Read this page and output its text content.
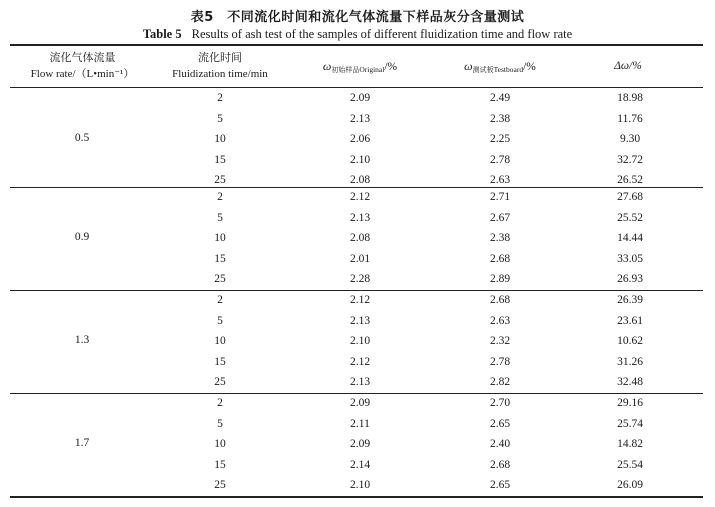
表5　不同流化时间和流化气体流量下样品灰分含量测试
Table 5 Results of ash test of the samples of different fluidization time and flow rate
流化气体流量
Flow rate/（L•min⁻¹）
流化时间
Fluidization time/min
$\omega_{初始样品Original}/\%$	$\omega_{测试板Testboard}/\%$	Δω/%
2	2.09	2.49	18.98
5	2.13	2.38	11.76
10	2.06	2.25	9.30
15	2.10	2.78	32.72
25	2.08	2.63	26.52
0.5
2	2.12	2.71	27.68
5	2.13	2.67	25.52
10	2.08	2.38	14.44
15	2.01	2.68	33.05
25	2.28	2.89	26.93
0.9
2	2.12	2.68	26.39
5	2.13	2.63	23.61
10	2.10	2.32	10.62
15	2.12	2.78	31.26
25	2.13	2.82	32.48
1.3
2	2.09	2.70	29.16
5	2.11	2.65	25.74
10	2.09	2.40	14.82
15	2.14	2.68	25.54
25	2.10	2.65	26.09
1.7
